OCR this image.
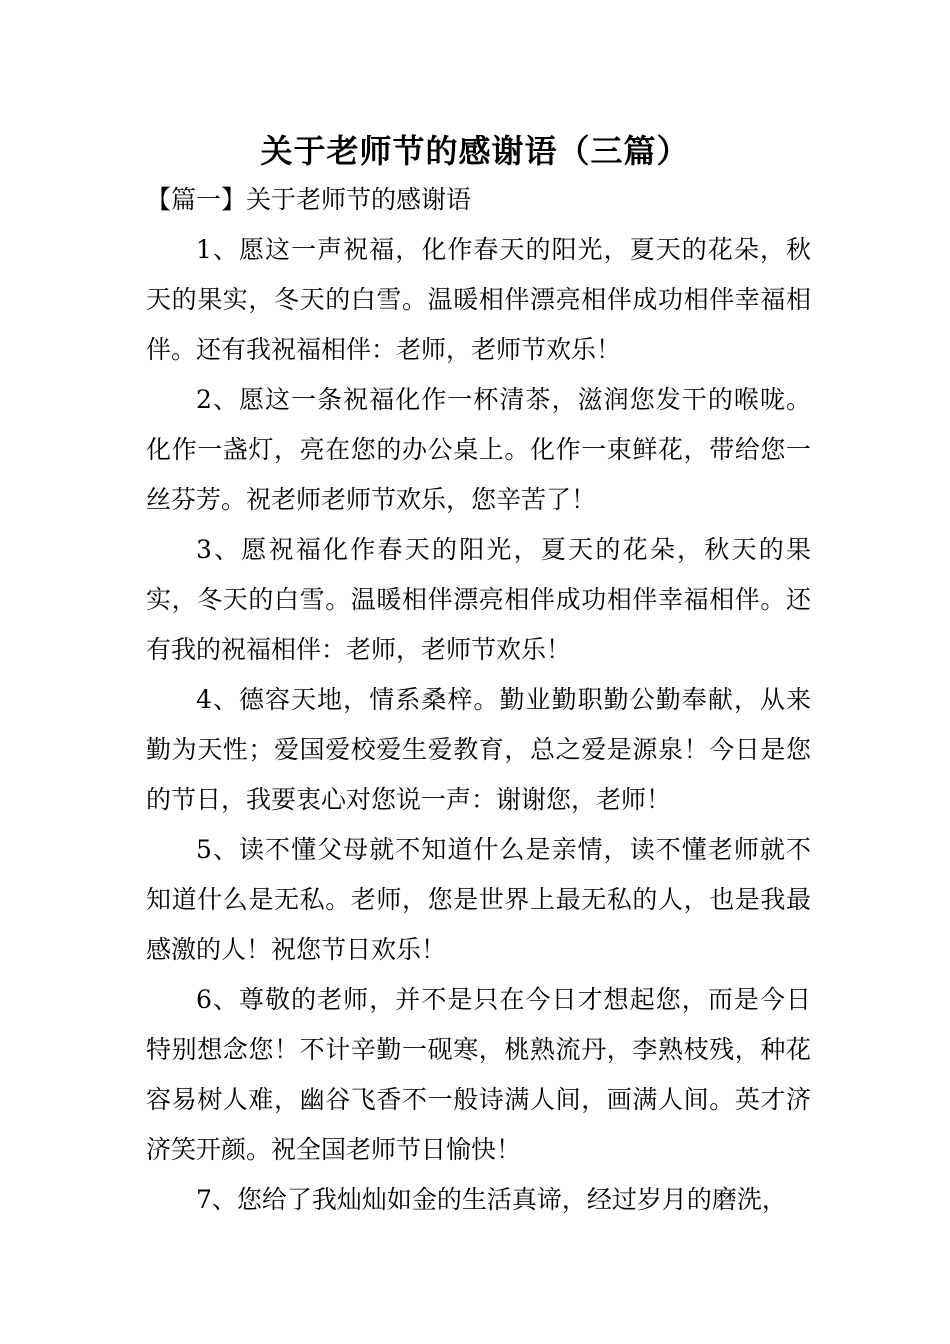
关于老师节的感谢语（三篇）

【篇一】关于老师节的感谢语

1、愿这一声祝福，化作春天的阳光，夏天的花朵，秋天的果实，冬天的白雪。温暖相伴漂亮相伴成功相伴幸福相伴。还有我祝福相伴：老师，老师节欢乐！

2、愿这一条祝福化作一杯清茶，滋润您发干的喉咙。化作一盏灯，亮在您的办公桌上。化作一束鲜花，带给您一丝芬芳。祝老师老师节欢乐，您辛苦了！

3、愿祝福化作春天的阳光，夏天的花朵，秋天的果实，冬天的白雪。温暖相伴漂亮相伴成功相伴幸福相伴。还有我的祝福相伴：老师，老师节欢乐！

4、德容天地，情系桑梓。勤业勤职勤公勤奉献，从来勤为天性；爱国爱校爱生爱教育，总之爱是源泉！今日是您的节日，我要衷心对您说一声：谢谢您，老师！

5、读不懂父母就不知道什么是亲情，读不懂老师就不知道什么是无私。老师，您是世界上最无私的人，也是我最感激的人！祝您节日欢乐！

6、尊敬的老师，并不是只在今日才想起您，而是今日特别想念您！不计辛勤一砚寒，桃熟流丹，李熟枝残，种花容易树人难，幽谷飞香不一般诗满人间，画满人间。英才济济笑开颜。祝全国老师节日愉快！

7、您给了我灿灿如金的生活真谛，经过岁月的磨洗，
